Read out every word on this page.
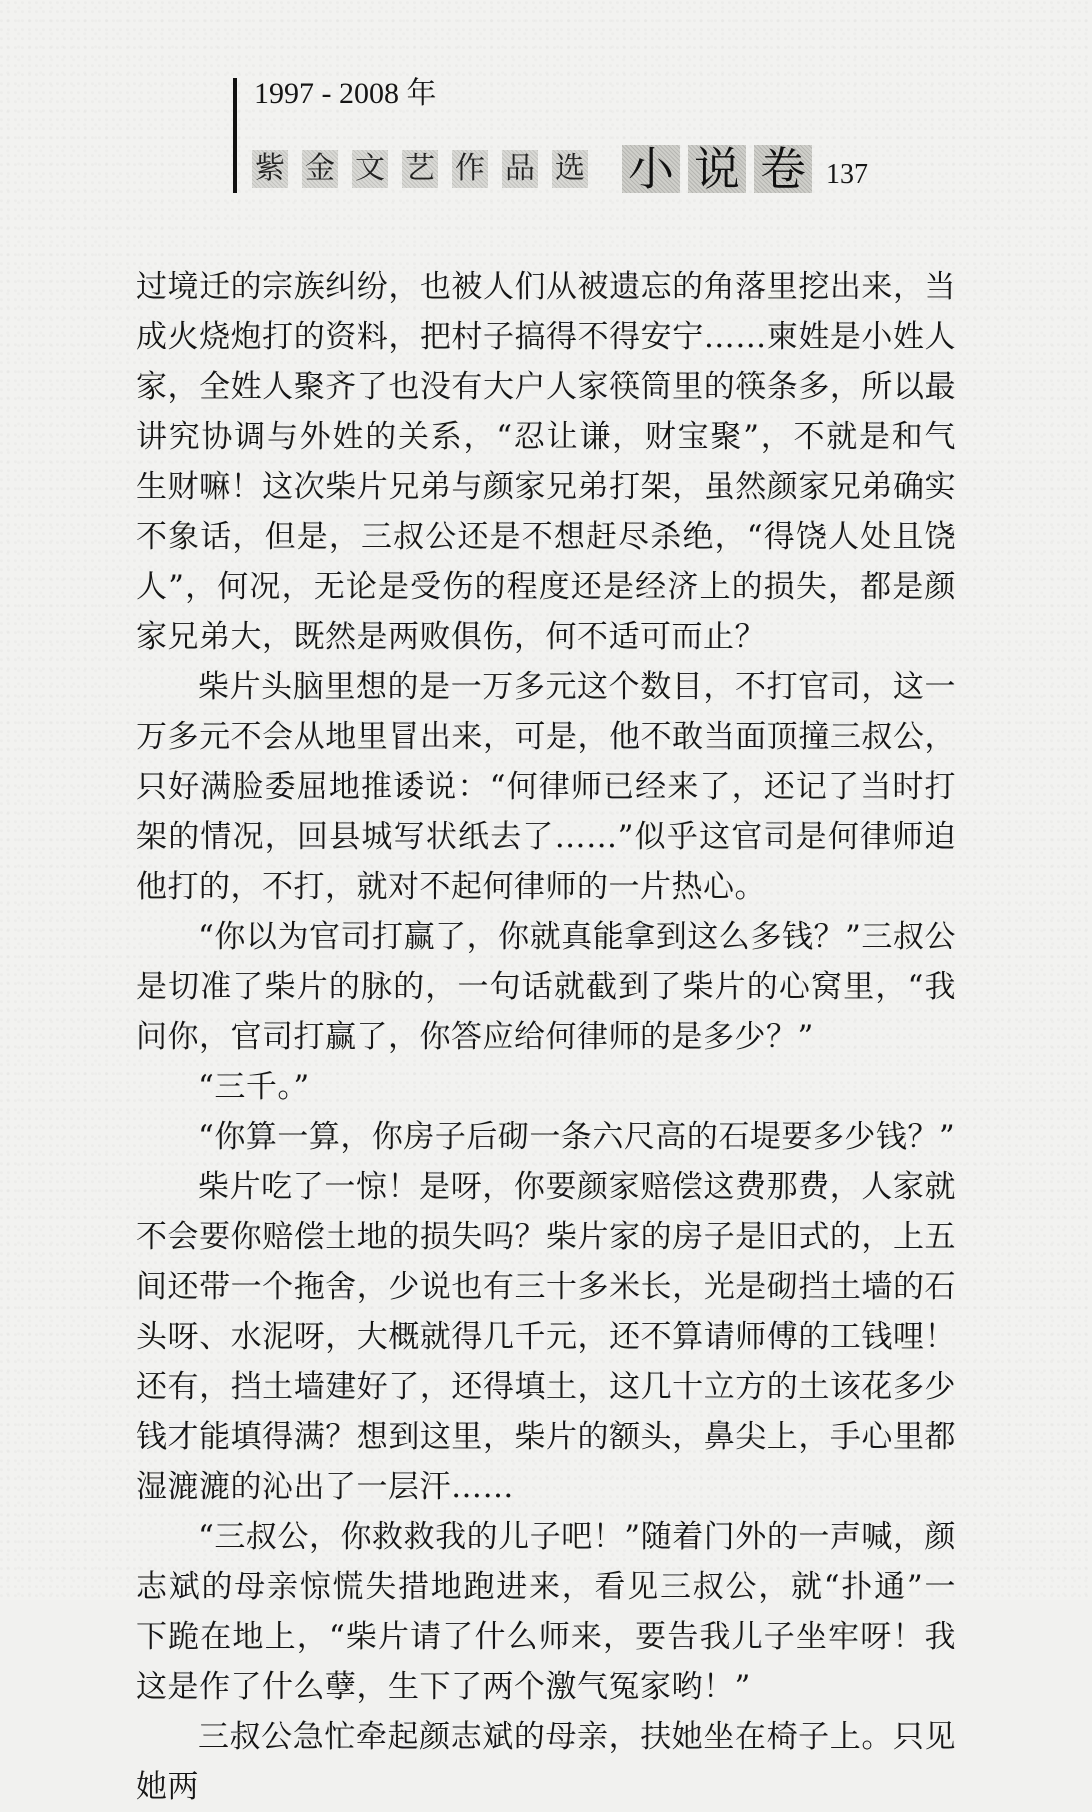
1997 - 2008 年
紫 金 文 艺 作 品 选 小 说 卷 137

过境迁的宗族纠纷，也被人们从被遗忘的角落里挖出来，当成火烧炮打的资料，把村子搞得不得安宁……柬姓是小姓人家，全姓人聚齐了也没有大户人家筷筒里的筷条多，所以最讲究协调与外姓的关系，“忍让谦，财宝聚”，不就是和气生财嘛！这次柴片兄弟与颜家兄弟打架，虽然颜家兄弟确实不象话，但是，三叔公还是不想赶尽杀绝，“得饶人处且饶人”，何况，无论是受伤的程度还是经济上的损失，都是颜家兄弟大，既然是两败俱伤，何不适可而止？

柴片头脑里想的是一万多元这个数目，不打官司，这一万多元不会从地里冒出来，可是，他不敢当面顶撞三叔公，只好满脸委屈地推诿说：“何律师已经来了，还记了当时打架的情况，回县城写状纸去了……”似乎这官司是何律师迫他打的，不打，就对不起何律师的一片热心。

“你以为官司打赢了，你就真能拿到这么多钱？”三叔公是切准了柴片的脉的，一句话就截到了柴片的心窝里，“我问你，官司打赢了，你答应给何律师的是多少？”

“三千。”

“你算一算，你房子后砌一条六尺高的石堤要多少钱？”

柴片吃了一惊！是呀，你要颜家赔偿这费那费，人家就不会要你赔偿土地的损失吗？柴片家的房子是旧式的，上五间还带一个拖舍，少说也有三十多米长，光是砌挡土墙的石头呀、水泥呀，大概就得几千元，还不算请师傅的工钱哩！还有，挡土墙建好了，还得填土，这几十立方的土该花多少钱才能填得满？想到这里，柴片的额头，鼻尖上，手心里都湿漉漉的沁出了一层汗……

“三叔公，你救救我的儿子吧！”随着门外的一声喊，颜志斌的母亲惊慌失措地跑进来，看见三叔公，就“扑通”一下跪在地上，“柴片请了什么师来，要告我儿子坐牢呀！我这是作了什么孽，生下了两个激气冤家哟！”

三叔公急忙牵起颜志斌的母亲，扶她坐在椅子上。只见她两
